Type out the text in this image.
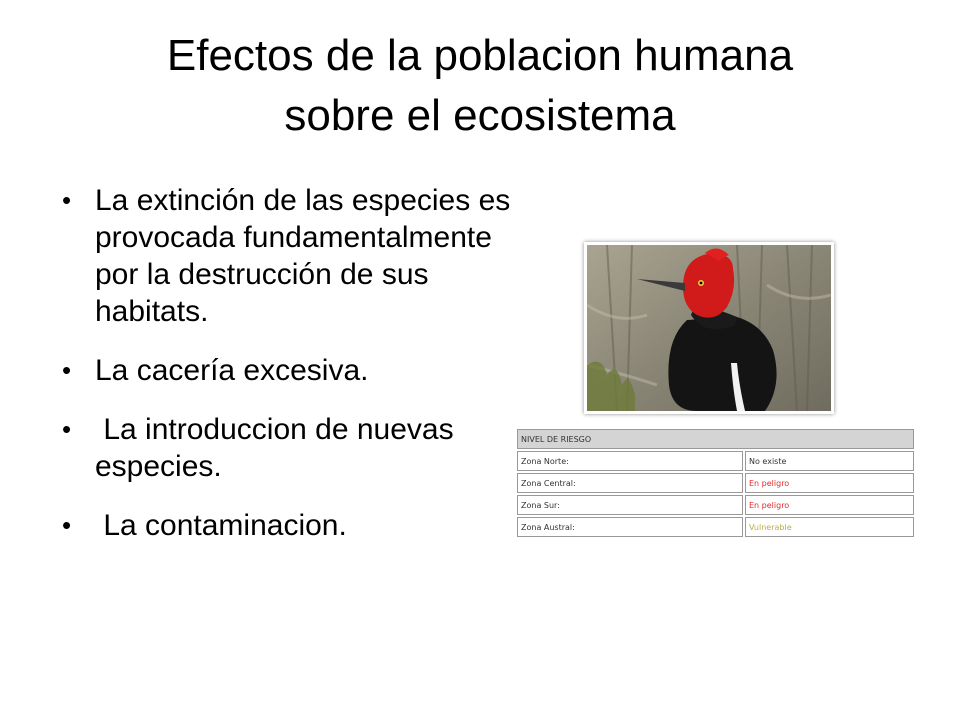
Efectos de la poblacion humana
sobre el ecosistema
• La extinción de las especies es provocada fundamentalmente por la destrucción de sus habitats.
• La cacería excesiva.
• La introduccion de nuevas especies.
• La contaminacion.
NIVEL DE RIESGO	
Zona Norte:	No existe
Zona Central:	En peligro
Zona Sur:	En peligro
Zona Austral:	Vulnerable
